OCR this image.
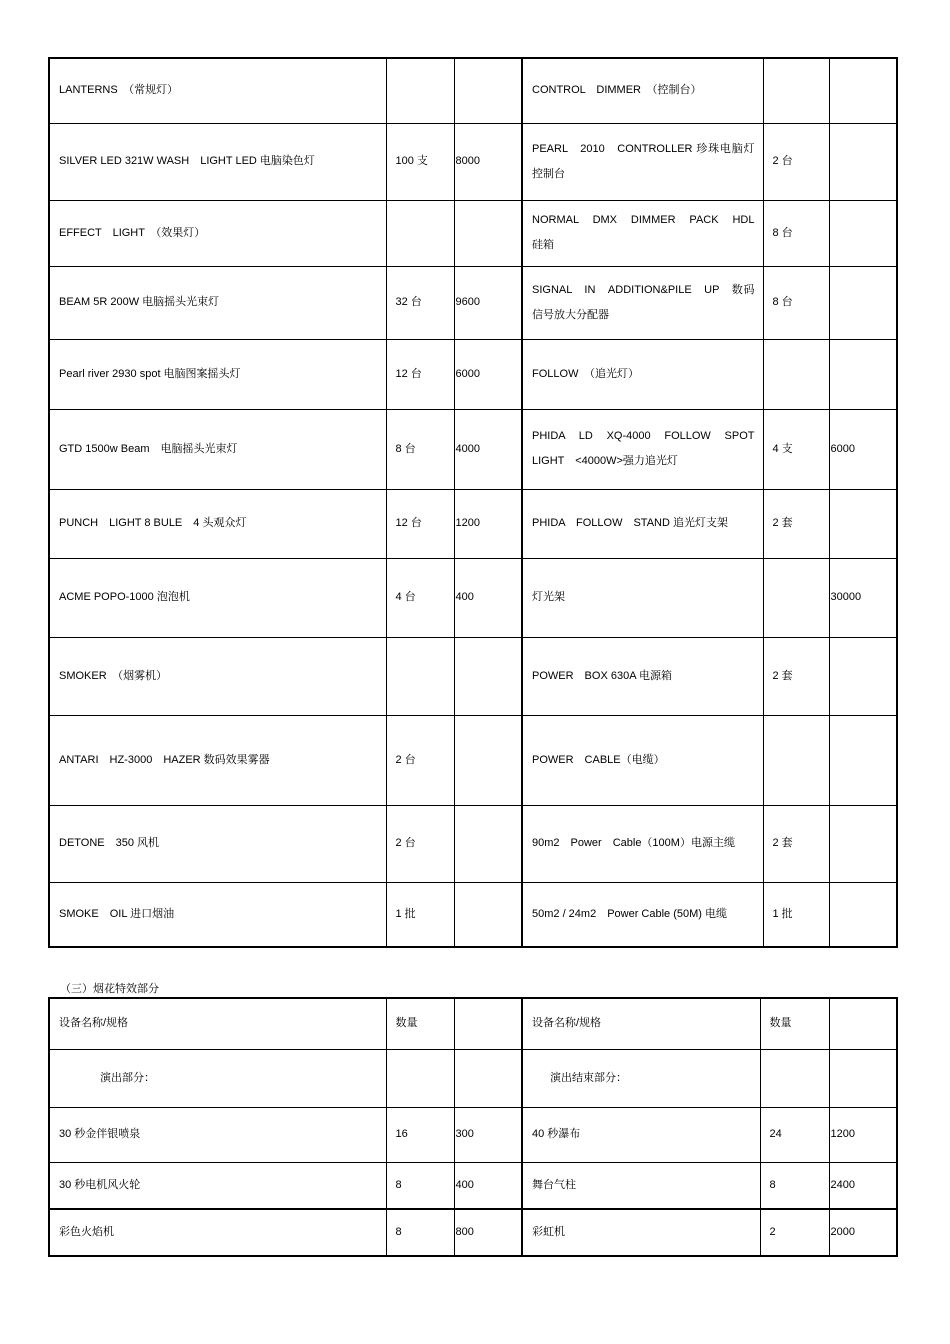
LANTERNS　（常规灯）			CONTROL　DIMMER　（控制台）		
SILVER LED 321W WASH　LIGHT LED 电脑染色灯	100 支	8000	PEARL　2010　CONTROLLER 珍珠电脑灯控制台	2 台	
EFFECT　LIGHT　（效果灯）			NORMAL　DMX　DIMMER　PACK　HDL 硅箱	8 台	
BEAM 5R 200W 电脑摇头光束灯	32 台	9600	SIGNAL　IN　ADDITION&PILE　UP　数码信号放大分配器	8 台	
Pearl river 2930 spot 电脑图案摇头灯	12 台	6000	FOLLOW　（追光灯）		
GTD 1500w Beam　电脑摇头光束灯	8 台	4000	PHIDA　LD　XQ-4000　FOLLOW　SPOT LIGHT　<4000W>强力追光灯	4 支	6000
PUNCH　LIGHT 8 BULE　4 头观众灯	12 台	1200	PHIDA　FOLLOW　STAND 追光灯支架	2 套	
ACME POPO-1000 泡泡机	4 台	400	灯光架		30000
SMOKER　（烟雾机）			POWER　BOX 630A 电源箱	2 套	
ANTARI　HZ-3000　HAZER 数码效果雾器	2 台		POWER　CABLE（电缆）		
DETONE　350 风机	2 台		90m2　Power　Cable（100M）电源主缆	2 套	
SMOKE　OIL 进口烟油	1 批		50m2 / 24m2　Power Cable (50M) 电缆	1 批	
（三）烟花特效部分
设备名称/规格	数量		设备名称/规格	数量	
演出部分：			演出结束部分：		
30 秒金伴银喷泉	16	300	40 秒瀑布	24	1200
30 秒电机风火轮	8	400	舞台气柱	8	2400
彩色火焰机	8	800	彩虹机	2	2000
